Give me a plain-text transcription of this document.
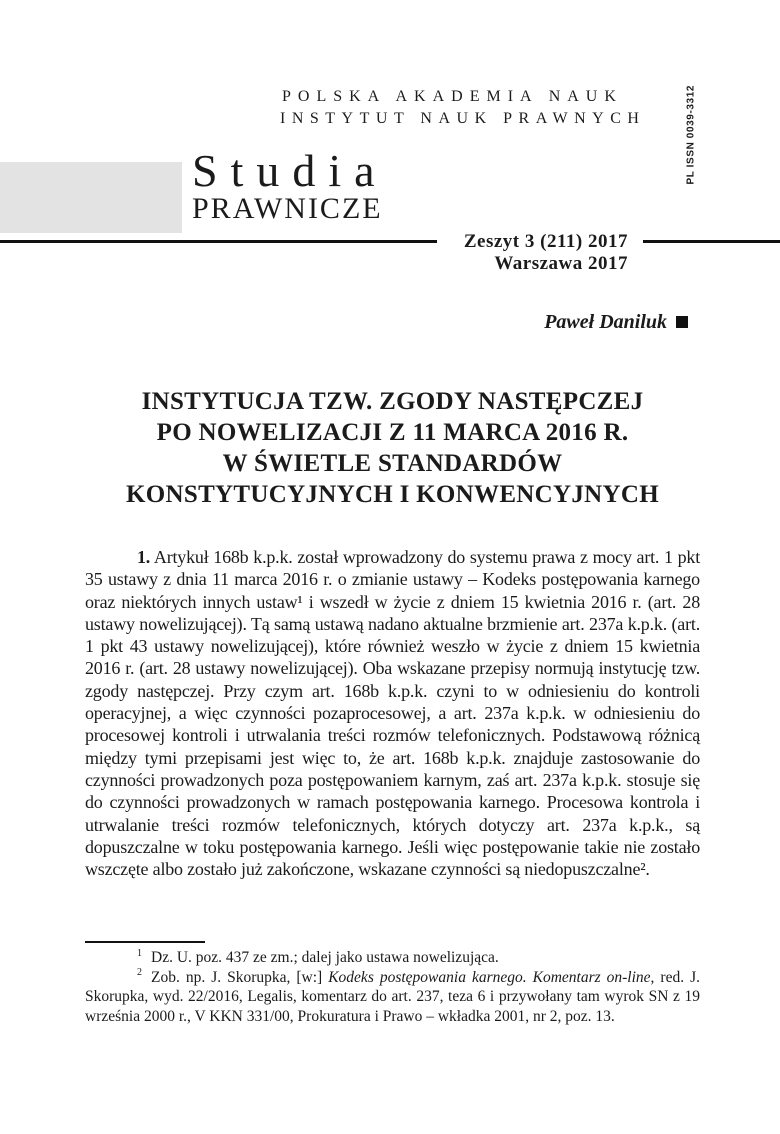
PL ISSN 0039-3312
POLSKA AKADEMIA NAUK
INSTYTUT NAUK PRAWNYCH
Studia
PRAWNICZE
Zeszyt 3 (211) 2017
Warszawa 2017
Paweł Daniluk
INSTYTUCJA TZW. ZGODY NASTĘPCZEJ
PO NOWELIZACJI Z 11 MARCA 2016 R.
W ŚWIETLE STANDARDÓW
KONSTYTUCYJNYCH I KONWENCYJNYCH
1. Artykuł 168b k.p.k. został wprowadzony do systemu prawa z mocy art. 1 pkt 35 ustawy z dnia 11 marca 2016 r. o zmianie ustawy – Kodeks postępowania karnego oraz niektórych innych ustaw¹ i wszedł w życie z dniem 15 kwietnia 2016 r. (art. 28 ustawy nowelizującej). Tą samą ustawą nadano aktualne brzmienie art. 237a k.p.k. (art. 1 pkt 43 ustawy nowelizującej), które również weszło w życie z dniem 15 kwietnia 2016 r. (art. 28 ustawy nowelizującej). Oba wskazane przepisy normują instytucję tzw. zgody następczej. Przy czym art. 168b k.p.k. czyni to w odniesieniu do kontroli operacyjnej, a więc czynności pozaprocesowej, a art. 237a k.p.k. w odniesieniu do procesowej kontroli i utrwalania treści rozmów telefonicznych. Podstawową różnicą między tymi przepisami jest więc to, że art. 168b k.p.k. znajduje zastosowanie do czynności prowadzonych poza postępowaniem karnym, zaś art. 237a k.p.k. stosuje się do czynności prowadzonych w ramach postępowania karnego. Procesowa kontrola i utrwalanie treści rozmów telefonicznych, których dotyczy art. 237a k.p.k., są dopuszczalne w toku postępowania karnego. Jeśli więc postępowanie takie nie zostało wszczęte albo zostało już zakończone, wskazane czynności są niedopuszczalne².

$^1$ Dz. U. poz. 437 ze zm.; dalej jako ustawa nowelizująca.

$^2$ Zob. np. J. Skorupka, [w:] Kodeks postępowania karnego. Komentarz on-line, red. J. Skorupka, wyd. 22/2016, Legalis, komentarz do art. 237, teza 6 i przywołany tam wyrok SN z 19 września 2000 r., V KKN 331/00, Prokuratura i Prawo – wkładka 2001, nr 2, poz. 13.
